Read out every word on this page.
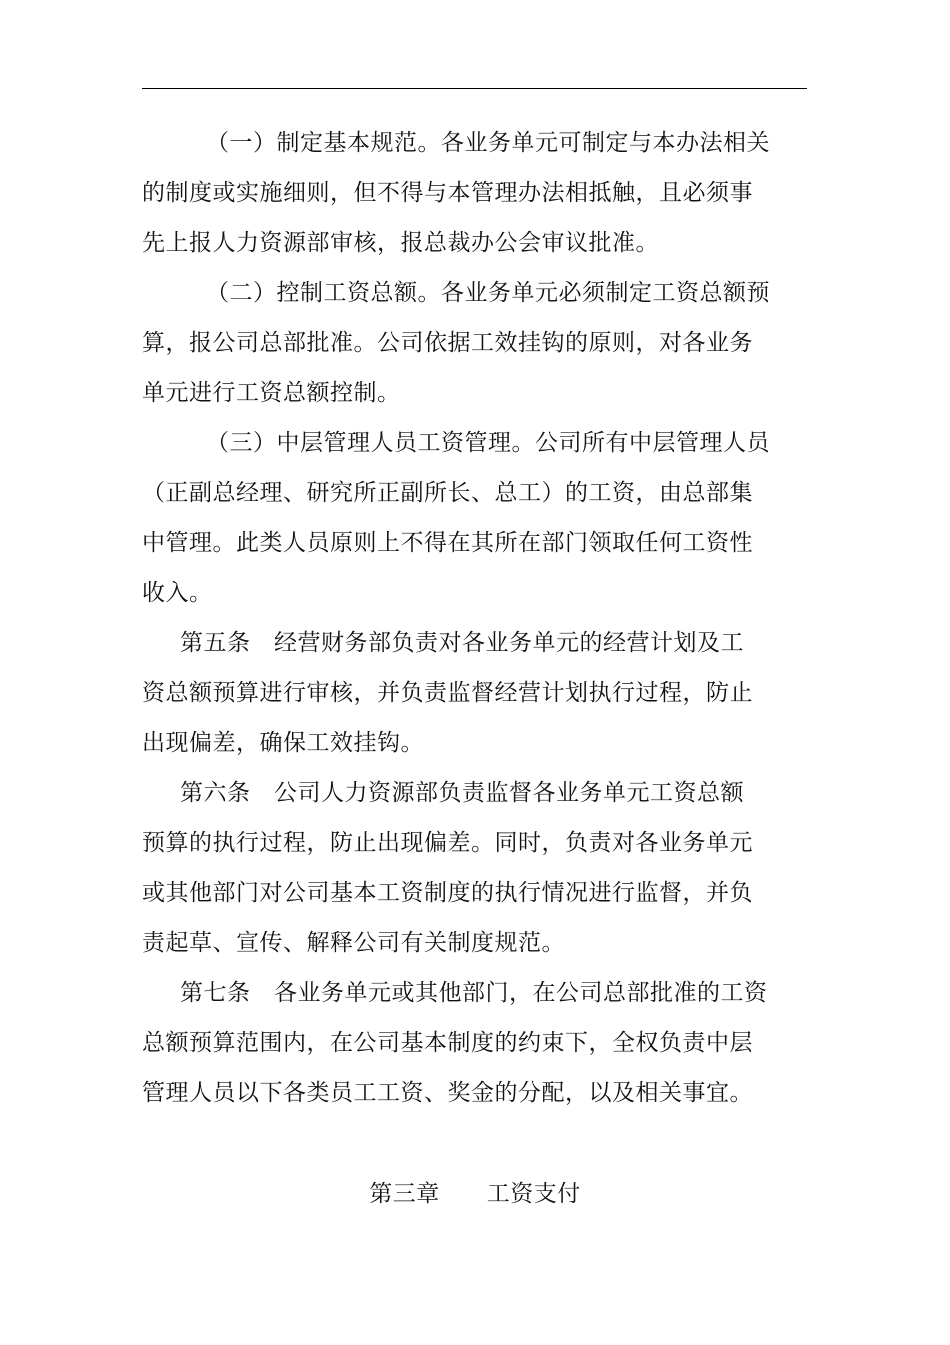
（一）制定基本规范。各业务单元可制定与本办法相关
的制度或实施细则，但不得与本管理办法相抵触，且必须事
先上报人力资源部审核，报总裁办公会审议批准。
（二）控制工资总额。各业务单元必须制定工资总额预
算，报公司总部批准。公司依据工效挂钩的原则，对各业务
单元进行工资总额控制。
（三）中层管理人员工资管理。公司所有中层管理人员
（正副总经理、研究所正副所长、总工）的工资，由总部集
中管理。此类人员原则上不得在其所在部门领取任何工资性
收入。
第五条　经营财务部负责对各业务单元的经营计划及工
资总额预算进行审核，并负责监督经营计划执行过程，防止
出现偏差，确保工效挂钩。
第六条　公司人力资源部负责监督各业务单元工资总额
预算的执行过程，防止出现偏差。同时，负责对各业务单元
或其他部门对公司基本工资制度的执行情况进行监督，并负
责起草、宣传、解释公司有关制度规范。
第七条　各业务单元或其他部门，在公司总部批准的工资
总额预算范围内，在公司基本制度的约束下，全权负责中层
管理人员以下各类员工工资、奖金的分配，以及相关事宜。
第三章　　工资支付
